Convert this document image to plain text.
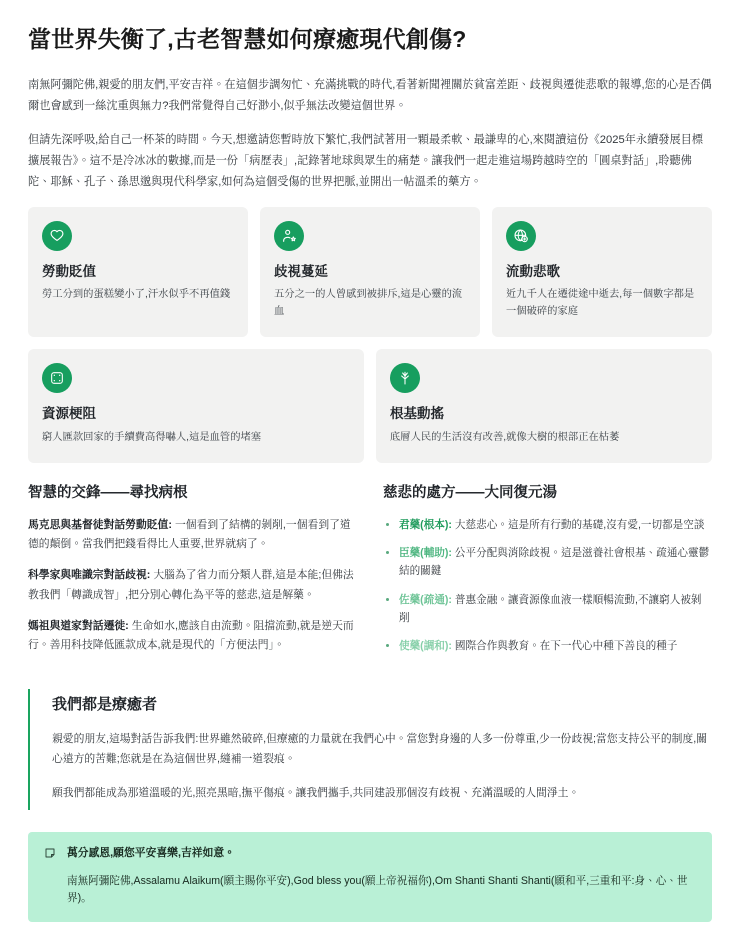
當世界失衡了,古老智慧如何療癒現代創傷?

南無阿彌陀佛,親愛的朋友們,平安吉祥。在這個步調匆忙、充滿挑戰的時代,看著新聞裡關於貧富差距、歧視與遷徙悲歌的報導,您的心是否偶爾也會感到一絲沈重與無力?我們常覺得自己好渺小,似乎無法改變這個世界。

但請先深呼吸,給自己一杯茶的時間。今天,想邀請您暫時放下繁忙,我們試著用一顆最柔軟、最謙卑的心,來閱讀這份《2025年永續發展目標擴展報告》。這不是冷冰冰的數據,而是一份「病歷表」,記錄著地球與眾生的痛楚。讓我們一起走進這場跨越時空的「圓桌對話」,聆聽佛陀、耶穌、孔子、孫思邈與現代科學家,如何為這個受傷的世界把脈,並開出一帖溫柔的藥方。

勞動貶值

勞工分到的蛋糕變小了,汗水似乎不再值錢

歧視蔓延

五分之一的人曾感到被排斥,這是心靈的流血

流動悲歌

近九千人在遷徙途中逝去,每一個數字都是一個破碎的家庭

資源梗阻

窮人匯款回家的手續費高得嚇人,這是血管的堵塞

根基動搖

底層人民的生活沒有改善,就像大樹的根部正在枯萎

智慧的交鋒——尋找病根

馬克思與基督徒對話勞動貶值: 一個看到了結構的剝削,一個看到了道德的顛倒。當我們把錢看得比人重要,世界就病了。

科學家與唯識宗對話歧視: 大腦為了省力而分類人群,這是本能;但佛法教我們「轉識成智」,把分別心轉化為平等的慈悲,這是解藥。

媽祖與道家對話遷徙: 生命如水,應該自由流動。阻擋流動,就是逆天而行。善用科技降低匯款成本,就是現代的「方便法門」。

慈悲的處方——大同復元湯
君藥(根本): 大慈悲心。這是所有行動的基礎,沒有愛,一切都是空談
臣藥(輔助): 公平分配與消除歧視。這是滋養社會根基、疏通心靈鬱結的關鍵
佐藥(疏通): 普惠金融。讓資源像血液一樣順暢流動,不讓窮人被剝削
使藥(調和): 國際合作與教育。在下一代心中種下善良的種子
我們都是療癒者

親愛的朋友,這場對話告訴我們:世界雖然破碎,但療癒的力量就在我們心中。當您對身邊的人多一份尊重,少一份歧視;當您支持公平的制度,關心遠方的苦難;您就是在為這個世界,縫補一道裂痕。

願我們都能成為那道溫暖的光,照亮黑暗,撫平傷痕。讓我們攜手,共同建設那個沒有歧視、充滿溫暖的人間淨土。

萬分感恩,願您平安喜樂,吉祥如意。

南無阿彌陀佛,Assalamu Alaikum(願主賜你平安),God bless you(願上帝祝福你),Om Shanti Shanti Shanti(願和平,三重和平:身、心、世界)。
